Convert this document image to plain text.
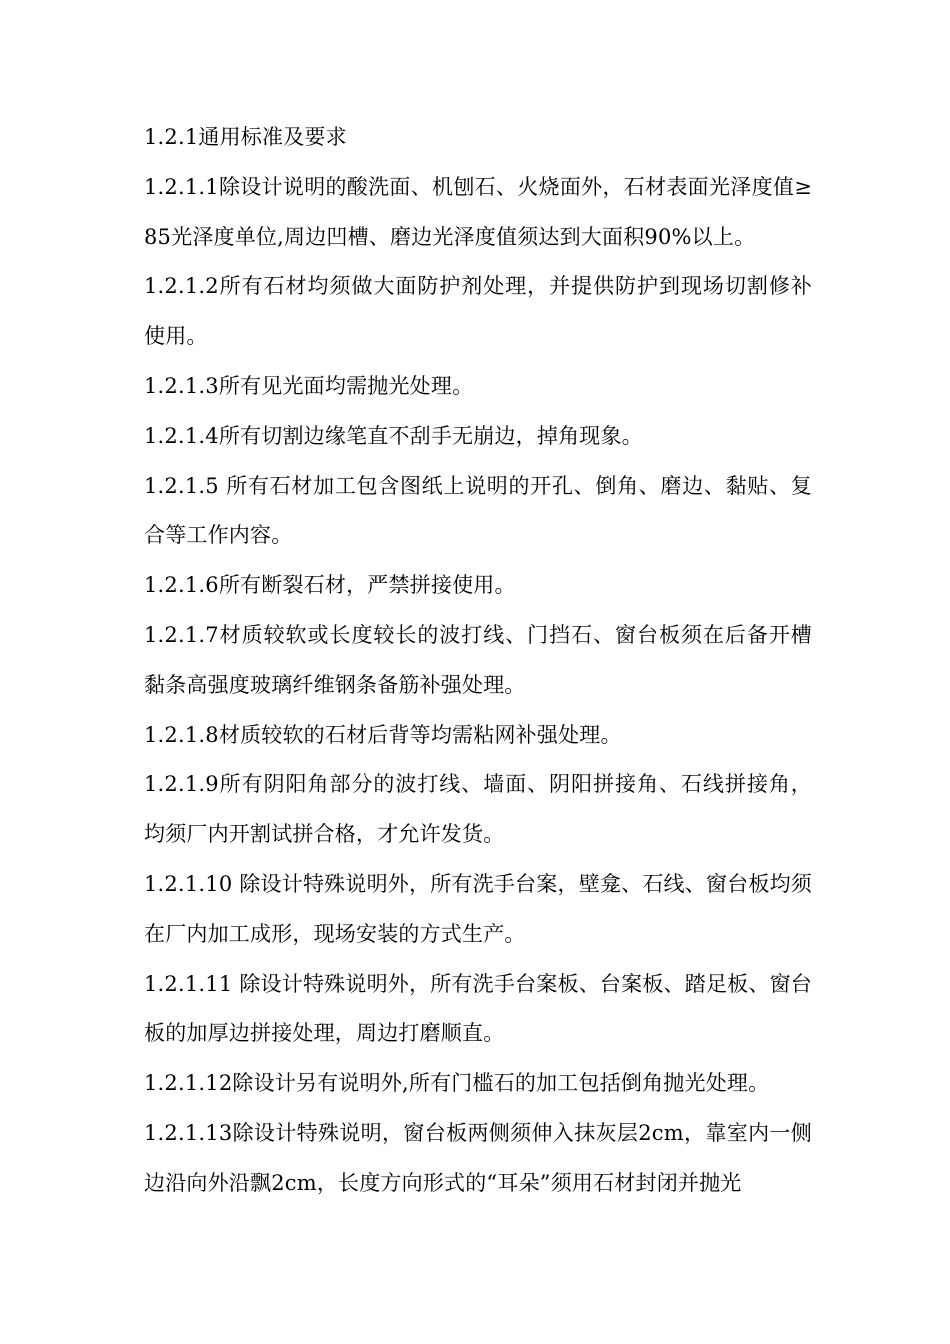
1.2.1通用标准及要求

1.2.1.1除设计说明的酸洗面、机刨石、火烧面外，石材表面光泽度值≥85光泽度单位,周边凹槽、磨边光泽度值须达到大面积90%以上。

1.2.1.2所有石材均须做大面防护剂处理，并提供防护到现场切割修补使用。

1.2.1.3所有见光面均需抛光处理。

1.2.1.4所有切割边缘笔直不刮手无崩边，掉角现象。

1.2.1.5 所有石材加工包含图纸上说明的开孔、倒角、磨边、黏贴、复合等工作内容。

1.2.1.6所有断裂石材，严禁拼接使用。

1.2.1.7材质较软或长度较长的波打线、门挡石、窗台板须在后备开槽黏条高强度玻璃纤维钢条备筋补强处理。

1.2.1.8材质较软的石材后背等均需粘网补强处理。

1.2.1.9所有阴阳角部分的波打线、墙面、阴阳拼接角、石线拼接角，均须厂内开割试拼合格，才允许发货。

1.2.1.10 除设计特殊说明外，所有洗手台案，壁龛、石线、窗台板均须在厂内加工成形，现场安装的方式生产。

1.2.1.11 除设计特殊说明外，所有洗手台案板、台案板、踏足板、窗台板的加厚边拼接处理，周边打磨顺直。

1.2.1.12除设计另有说明外,所有门槛石的加工包括倒角抛光处理。

1.2.1.13除设计特殊说明，窗台板两侧须伸入抹灰层2cm，靠室内一侧边沿向外沿飘2cm，长度方向形式的“耳朵”须用石材封闭并抛光
